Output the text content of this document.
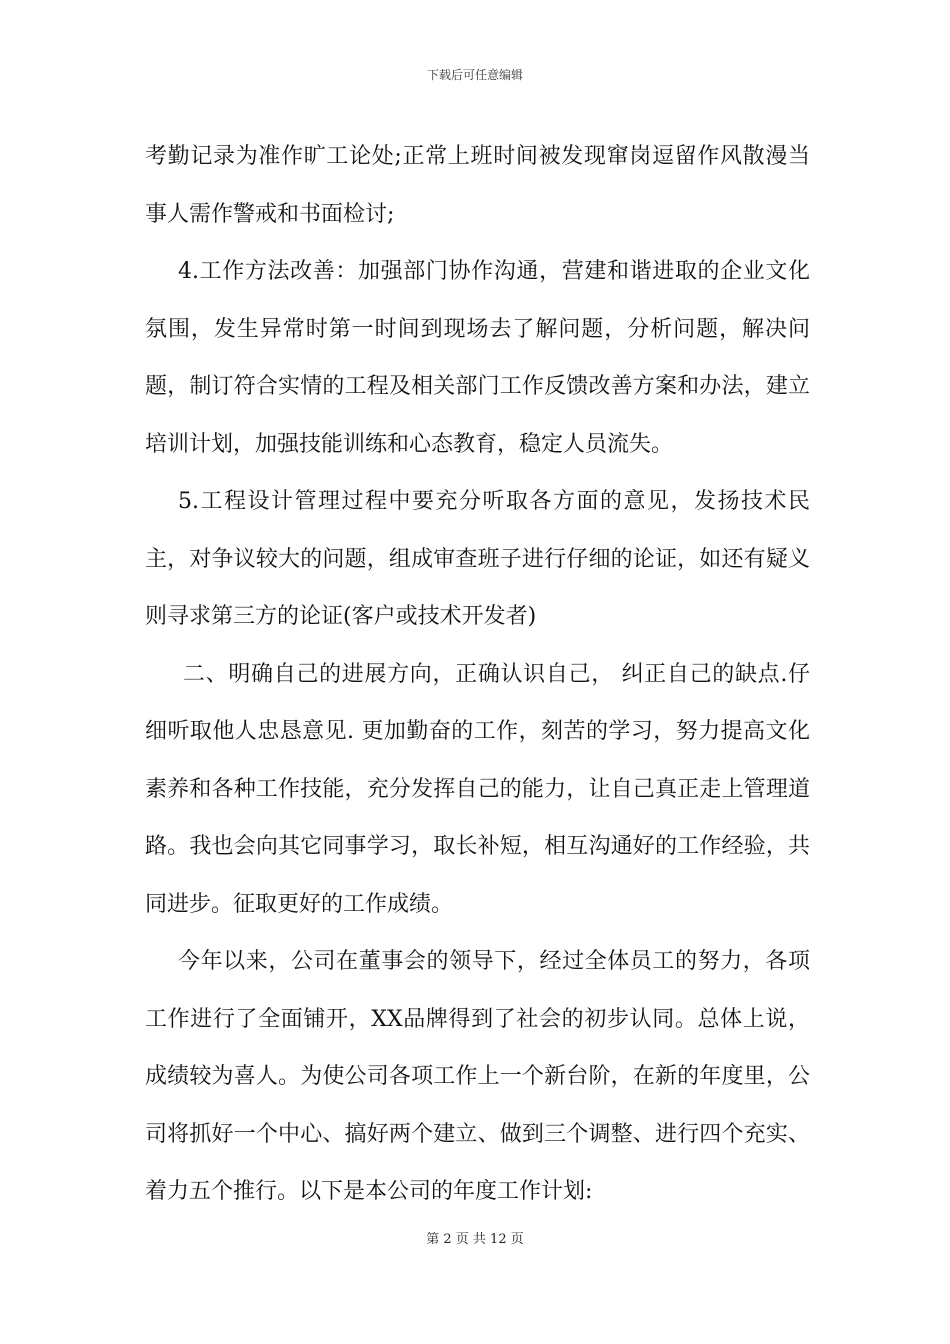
下载后可任意编辑

考勤记录为准作旷工论处;正常上班时间被发现窜岗逗留作风散漫当事人需作警戒和书面检讨;

4.工作方法改善：加强部门协作沟通，营建和谐进取的企业文化氛围，发生异常时第一时间到现场去了解问题，分析问题，解决问题，制订符合实情的工程及相关部门工作反馈改善方案和办法，建立培训计划，加强技能训练和心态教育，稳定人员流失。

5.工程设计管理过程中要充分听取各方面的意见，发扬技术民主，对争议较大的问题，组成审查班子进行仔细的论证，如还有疑义则寻求第三方的论证(客户或技术开发者)

二、明确自己的进展方向，正确认识自己， 纠正自己的缺点.仔细听取他人忠恳意见. 更加勤奋的工作，刻苦的学习，努力提高文化素养和各种工作技能，充分发挥自己的能力，让自己真正走上管理道路。我也会向其它同事学习，取长补短，相互沟通好的工作经验，共同进步。征取更好的工作成绩。

今年以来，公司在董事会的领导下，经过全体员工的努力，各项工作进行了全面铺开，XX品牌得到了社会的初步认同。总体上说，成绩较为喜人。为使公司各项工作上一个新台阶，在新的年度里，公司将抓好一个中心、搞好两个建立、做到三个调整、进行四个充实、着力五个推行。以下是本公司的年度工作计划:

第 2 页 共 12 页
